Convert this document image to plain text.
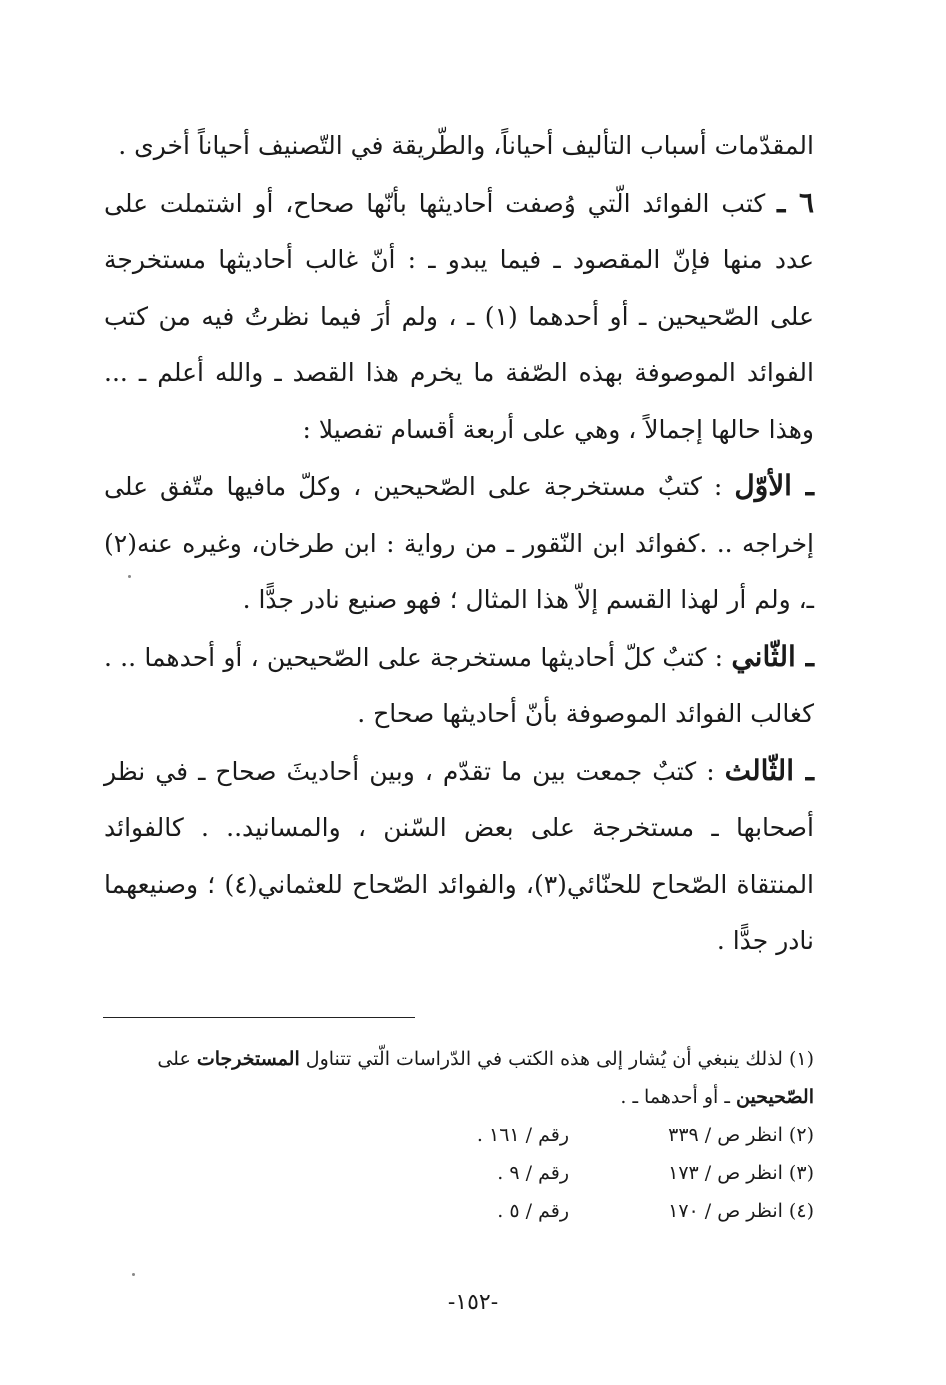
المقدّمات أسباب التأليف أحياناً، والطّريقة في التّصنيف أحياناً أخرى .

٦ ـ كتب الفوائد الّتي وُصفت أحاديثها بأنّها صحاح، أو اشتملت على عدد منها فإنّ المقصود ـ فيما يبدو ـ : أنّ غالب أحاديثها مستخرجة على الصّحيحين ـ أو أحدهما (١) ـ ، ولم أرَ فيما نظرتُ فيه من كتب الفوائد الموصوفة بهذه الصّفة ما يخرم هذا القصد ـ والله أعلم ـ ... وهذا حالها إجمالاً ، وهي على أربعة أقسام تفصيلا :

ـ الأوّل : كتبٌ مستخرجة على الصّحيحين ، وكلّ مافيها متّفق على إخراجه .. .كفوائد ابن النّقور ـ من رواية : ابن طرخان، وغيره عنه(٢) ـ، ولم أر لهذا القسم إلاّ هذا المثال ؛ فهو صنيع نادر جدًّا .

ـ الثّاني : كتبٌ كلّ أحاديثها مستخرجة على الصّحيحين ، أو أحدهما .. . كغالب الفوائد الموصوفة بأنّ أحاديثها صحاح .

ـ الثّالث : كتبٌ جمعت بين ما تقدّم ، وبين أحاديثَ صحاح ـ في نظر أصحابها ـ مستخرجة على بعض السّنن ، والمسانيد.. . كالفوائد المنتقاة الصّحاح للحنّائي(٣)، والفوائد الصّحاح للعثماني(٤) ؛ وصنيعهما نادر جدًّا .

(١) لذلك ينبغي أن يُشار إلى هذه الكتب في الدّراسات الّتي تتناول المستخرجات على الصّحيحين ـ أو أحدهما ـ .

(٢) انظر ص / ٣٣٩
رقم / ١٦١ .
(٣) انظر ص / ١٧٣
رقم / ٩ .
(٤) انظر ص / ١٧٠
رقم / ٥ .
-١٥٢-
